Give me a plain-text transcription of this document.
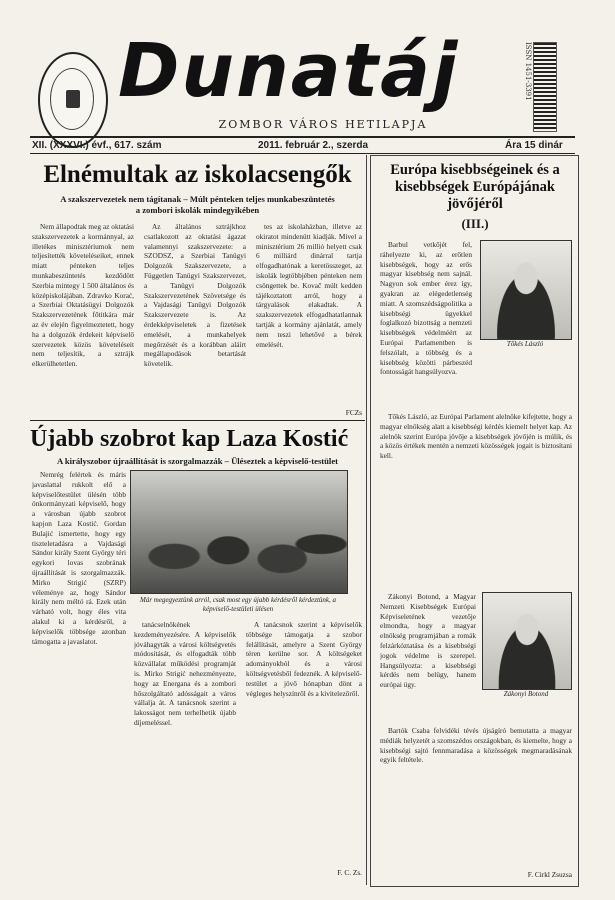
Dunatáj
ZOMBOR VÁROS HETILAPJA
ISSN 1451-3391
XII. (XXXVI.) évf., 617. szám	2011. február 2., szerda	Ára 15 dinár
Elnémultak az iskolacsengők
A szakszervezetek nem tágítanak – Múlt pénteken teljes munkabeszüntetés
a zombori iskolák mindegyikében

Nem állapodtak meg az oktatási szakszervezetek a kormánnyal, az illetékes minisztériumok nem teljesítették követeléseiket, ennek miatt pénteken teljes munkabeszüntetés kezdődött Szerbia mintegy 1 500 általános és középiskolájában. Zdravko Korać, a Szerbiai Oktatásügyi Dolgozók Szakszervezetének főtitkára már az év elején figyelmeztetett, hogy ha a dolgozók érdekeit képviselő szervezetek közös követeléseit nem teljesítik, a sztrájk elkerülhetetlen.

Az általános sztrájkhoz csatlakozott az oktatási ágazat valamennyi szakszervezete: a SZODSZ, a Szerbiai Tanügyi Dolgozók Szakszervezete, a Független Tanügyi Szakszervezet, a Tanügyi Dolgozók Szakszervezetének Szövetsége és a Vajdasági Tanügyi Dolgozók Szakszervezete is. Az érdekképviseletek a fizetések emelését, a munkahelyek megőrzését és a korábban aláírt megállapodások betartását követelik.

tes az iskolaházban, illetve az okiratot mindenütt kiadják. Mivel a minisztérium 26 millió helyett csak 6 milliárd dinárral tartja elfogadhatónak a keretösszeget, az iskolák legtöbbjében pénteken nem csöngettek be. Kovač múlt kedden tájékoztatott arról, hogy a tárgyalások elakadtak. A szakszervezetek elfogadhatatlannak tartják a kormány ajánlatát, amely nem teszi lehetővé a bérek emelését.

FCZs
Újabb szobrot kap Laza Kostić
A királyszobor újraállítását is szorgalmazzák – Üléseztek a képviselő-testület

Nemrég felértek és máris javaslattal rukkolt elő a képviselőtestület ülésén több önkormányzati képviselő, hogy a városban újabb szobrot kapjon Laza Kostić. Gordan Bulajić ismertette, hogy egy tiszteletadásra a Vajdasági Sándor király Szent György téri egykori lovas szobrának újraállítását is szorgalmazzák. Mirko Strigić (SZRP) véleménye az, hogy Sándor király nem méltó rá. Ezek után várható volt, hogy éles vita alakul ki a kérdésről, a képviselők többsége azonban támogatta a javaslatot.

Már megegyeztünk arról, csak most egy újabb kérdésről kérdeztünk, a képviselő-testületi ülésen

tanácselnökének kezdeményezésére. A képviselők jóváhagyták a városi költségvetés módosítását, és elfogadták több közvállalat működési programját is. Mirko Strigić nehezményezte, hogy az Energana és a zombori hőszolgáltató adósságait a város vállalja át. A tanácsnok szerint a lakosságot nem terhelhetik újabb díjemeléssel.

A tanácsnok szerint a képviselők többsége támogatja a szobor felállítását, amelyre a Szent György téren kerülne sor. A költségeket adományokból és a városi költségvetésből fedeznék. A képviselő-testület a jövő hónapban dönt a végleges helyszínről és a kivitelezőről.

F. C. Zs.
Európa kisebbségeinek és a kisebbségek Európájának jövőjéről
(III.)

Barbul vetkőjét fel, ráhelyezte ki, az erőtlen kisebbségek, hogy az erős magyar kisebbség nem sajnál. Nagyon sok ember érez így, gyakran az elégedetlenség miatt. A szomszédságpolitika a kisebbségi ügyekkel foglalkozó bizottság a nemzeti kisebbségek védelméért az Európai Parlamentben is felszólalt, a többség és a kisebbség közötti párbeszéd fontosságát hangsúlyozva.

Tőkés László

Tőkés László, az Európai Parlament alelnöke kifejtette, hogy a magyar elnökség alatt a kisebbségi kérdés kiemelt helyet kap. Az alelnök szerint Európa jövője a kisebbségek jövőjén is múlik, és a közös értékek mentén a nemzeti közösségek jogait is biztosítani kell.

Zákonyi Botond, a Magyar Nemzeti Kisebbségek Európai Képviseletének vezetője elmondta, hogy a magyar elnökség programjában a romák felzárkóztatása és a kisebbségi jogok védelme is szerepel. Hangsúlyozta: a kisebbségi kérdés nem belügy, hanem európai ügy.

Zákonyi Botond

Bartók Csaba felvidéki tévés újságíró bemutatta a magyar médiák helyzetét a szomszédos országokban, és kiemelte, hogy a kisebbségi sajtó fennmaradása a közösségek megmaradásának egyik feltétele.

F. Cirkl Zsuzsa
